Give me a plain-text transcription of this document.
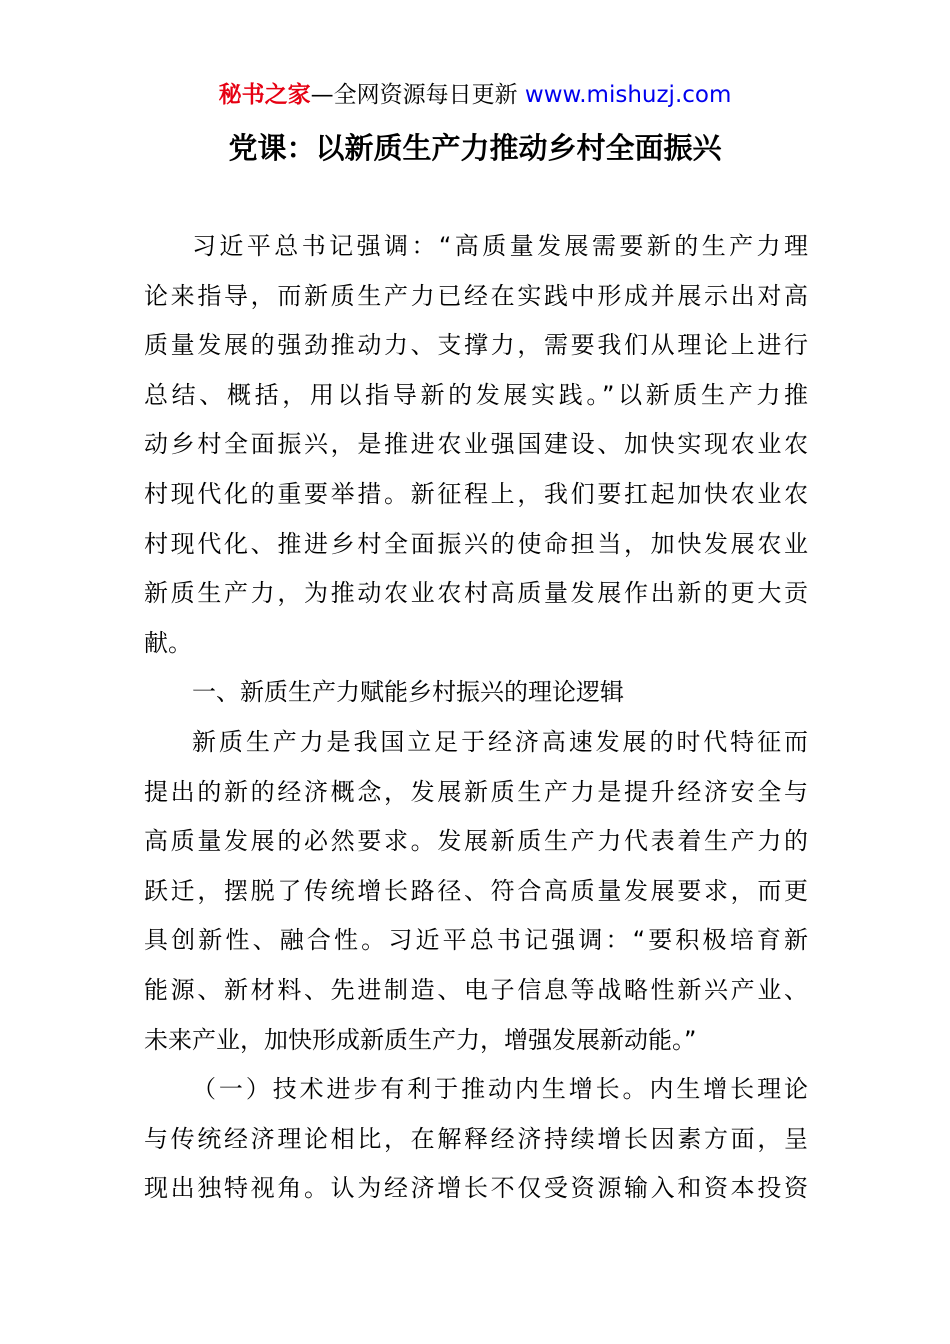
秘书之家—全网资源每日更新 www.mishuzj.com
党课：以新质生产力推动乡村全面振兴
习近平总书记强调：“高质量发展需要新的生产力理
论来指导，而新质生产力已经在实践中形成并展示出对高
质量发展的强劲推动力、支撑力，需要我们从理论上进行
总结、概括，用以指导新的发展实践。”以新质生产力推
动乡村全面振兴，是推进农业强国建设、加快实现农业农
村现代化的重要举措。新征程上，我们要扛起加快农业农
村现代化、推进乡村全面振兴的使命担当，加快发展农业
新质生产力，为推动农业农村高质量发展作出新的更大贡
献。
一、新质生产力赋能乡村振兴的理论逻辑
新质生产力是我国立足于经济高速发展的时代特征而
提出的新的经济概念，发展新质生产力是提升经济安全与
高质量发展的必然要求。发展新质生产力代表着生产力的
跃迁，摆脱了传统增长路径、符合高质量发展要求，而更
具创新性、融合性。习近平总书记强调：“要积极培育新
能源、新材料、先进制造、电子信息等战略性新兴产业、
未来产业，加快形成新质生产力，增强发展新动能。”
（一）技术进步有利于推动内生增长。内生增长理论
与传统经济理论相比，在解释经济持续增长因素方面，呈
现出独特视角。认为经济增长不仅受资源输入和资本投资
